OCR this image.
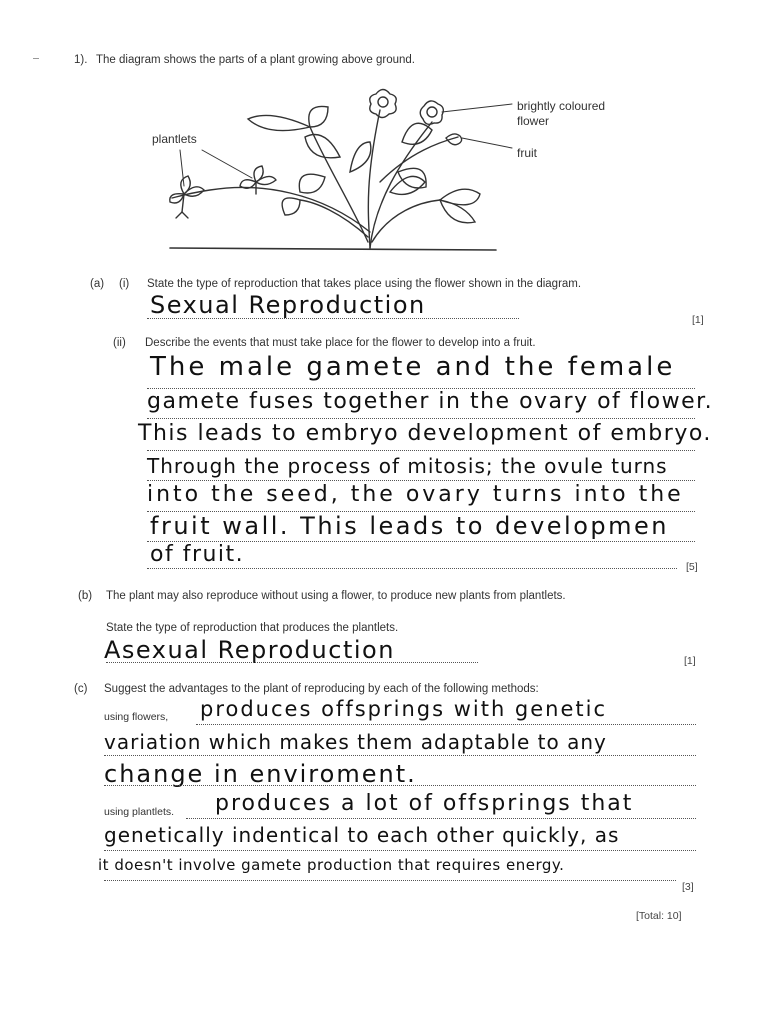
1). The diagram shows the parts of a plant growing above ground.
plantlets
brightly coloured
flower
fruit
(a) (i) State the type of reproduction that takes place using the flower shown in the diagram.
Sexual Reproduction
[1]
(ii) Describe the events that must take place for the flower to develop into a fruit.
The male gamete and the female
gamete fuses together in the ovary of flower.
This leads to embryo development of embryo.
Through the process of mitosis; the ovule turns
into the seed, the ovary turns into the
fruit wall. This leads to developmen
of fruit.	[5]
(b) The plant may also reproduce without using a flower, to produce new plants from plantlets.
State the type of reproduction that produces the plantlets.
Asexual Reproduction	[1]
(c) Suggest the advantages to the plant of reproducing by each of the following methods:
using flowers, produces offsprings with genetic
variation which makes them adaptable to any
change in enviroment.
using plantlets. produces a lot of offsprings that
genetically indentical to each other quickly, as
it doesn't involve gamete production that requires energy.
[3]
[Total: 10]
